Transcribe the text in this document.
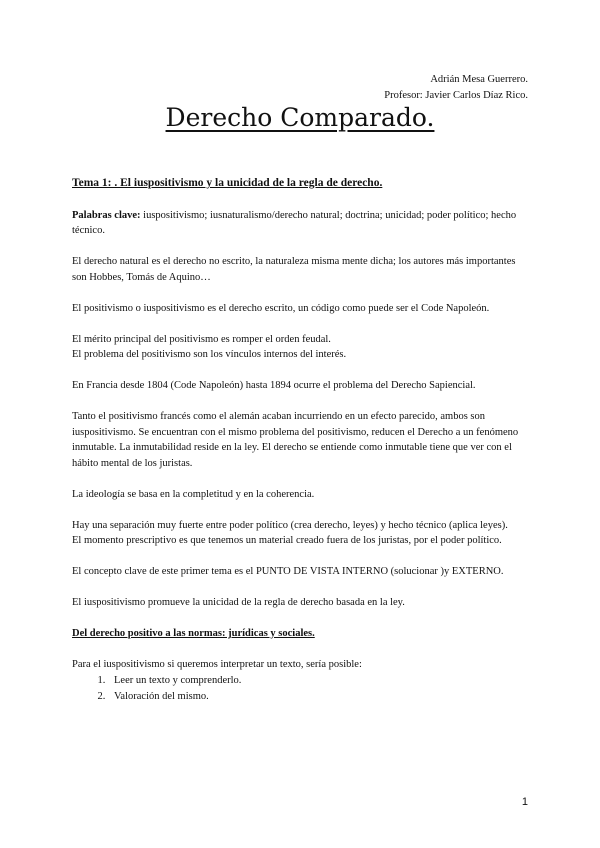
Adrián Mesa Guerrero.
Profesor: Javier Carlos Díaz Rico.
Derecho Comparado.

Tema 1: . El iuspositivismo y la unicidad de la regla de derecho.

Palabras clave: iuspositivismo; iusnaturalismo/derecho natural; doctrina; unicidad; poder político; hecho técnico.

El derecho natural es el derecho no escrito, la naturaleza misma mente dicha; los autores más importantes son Hobbes, Tomás de Aquino…

El positivismo o iuspositivismo es el derecho escrito, un código como puede ser el Code Napoleón.

El mérito principal del positivismo es romper el orden feudal.
El problema del positivismo son los vínculos internos del interés.

En Francia desde 1804 (Code Napoleón) hasta 1894 ocurre el problema del Derecho Sapiencial.

Tanto el positivismo francés como el alemán acaban incurriendo en un efecto parecido, ambos son iuspositivismo. Se encuentran con el mismo problema del positivismo, reducen el Derecho a un fenómeno inmutable. La inmutabilidad reside en la ley. El derecho se entiende como inmutable tiene que ver con el hábito mental de los juristas.

La ideología se basa en la completitud y en la coherencia.

Hay una separación muy fuerte entre poder político (crea derecho, leyes) y hecho técnico (aplica leyes).
El momento prescriptivo es que tenemos un material creado fuera de los juristas, por el poder político.

El concepto clave de este primer tema es el PUNTO DE VISTA INTERNO (solucionar )y EXTERNO.

El iuspositivismo promueve la unicidad de la regla de derecho basada en la ley.

Del derecho positivo a las normas: jurídicas y sociales.

Para el iuspositivismo si queremos interpretar un texto, sería posible:

1. Leer un texto y comprenderlo.
2. Valoración del mismo.
1
